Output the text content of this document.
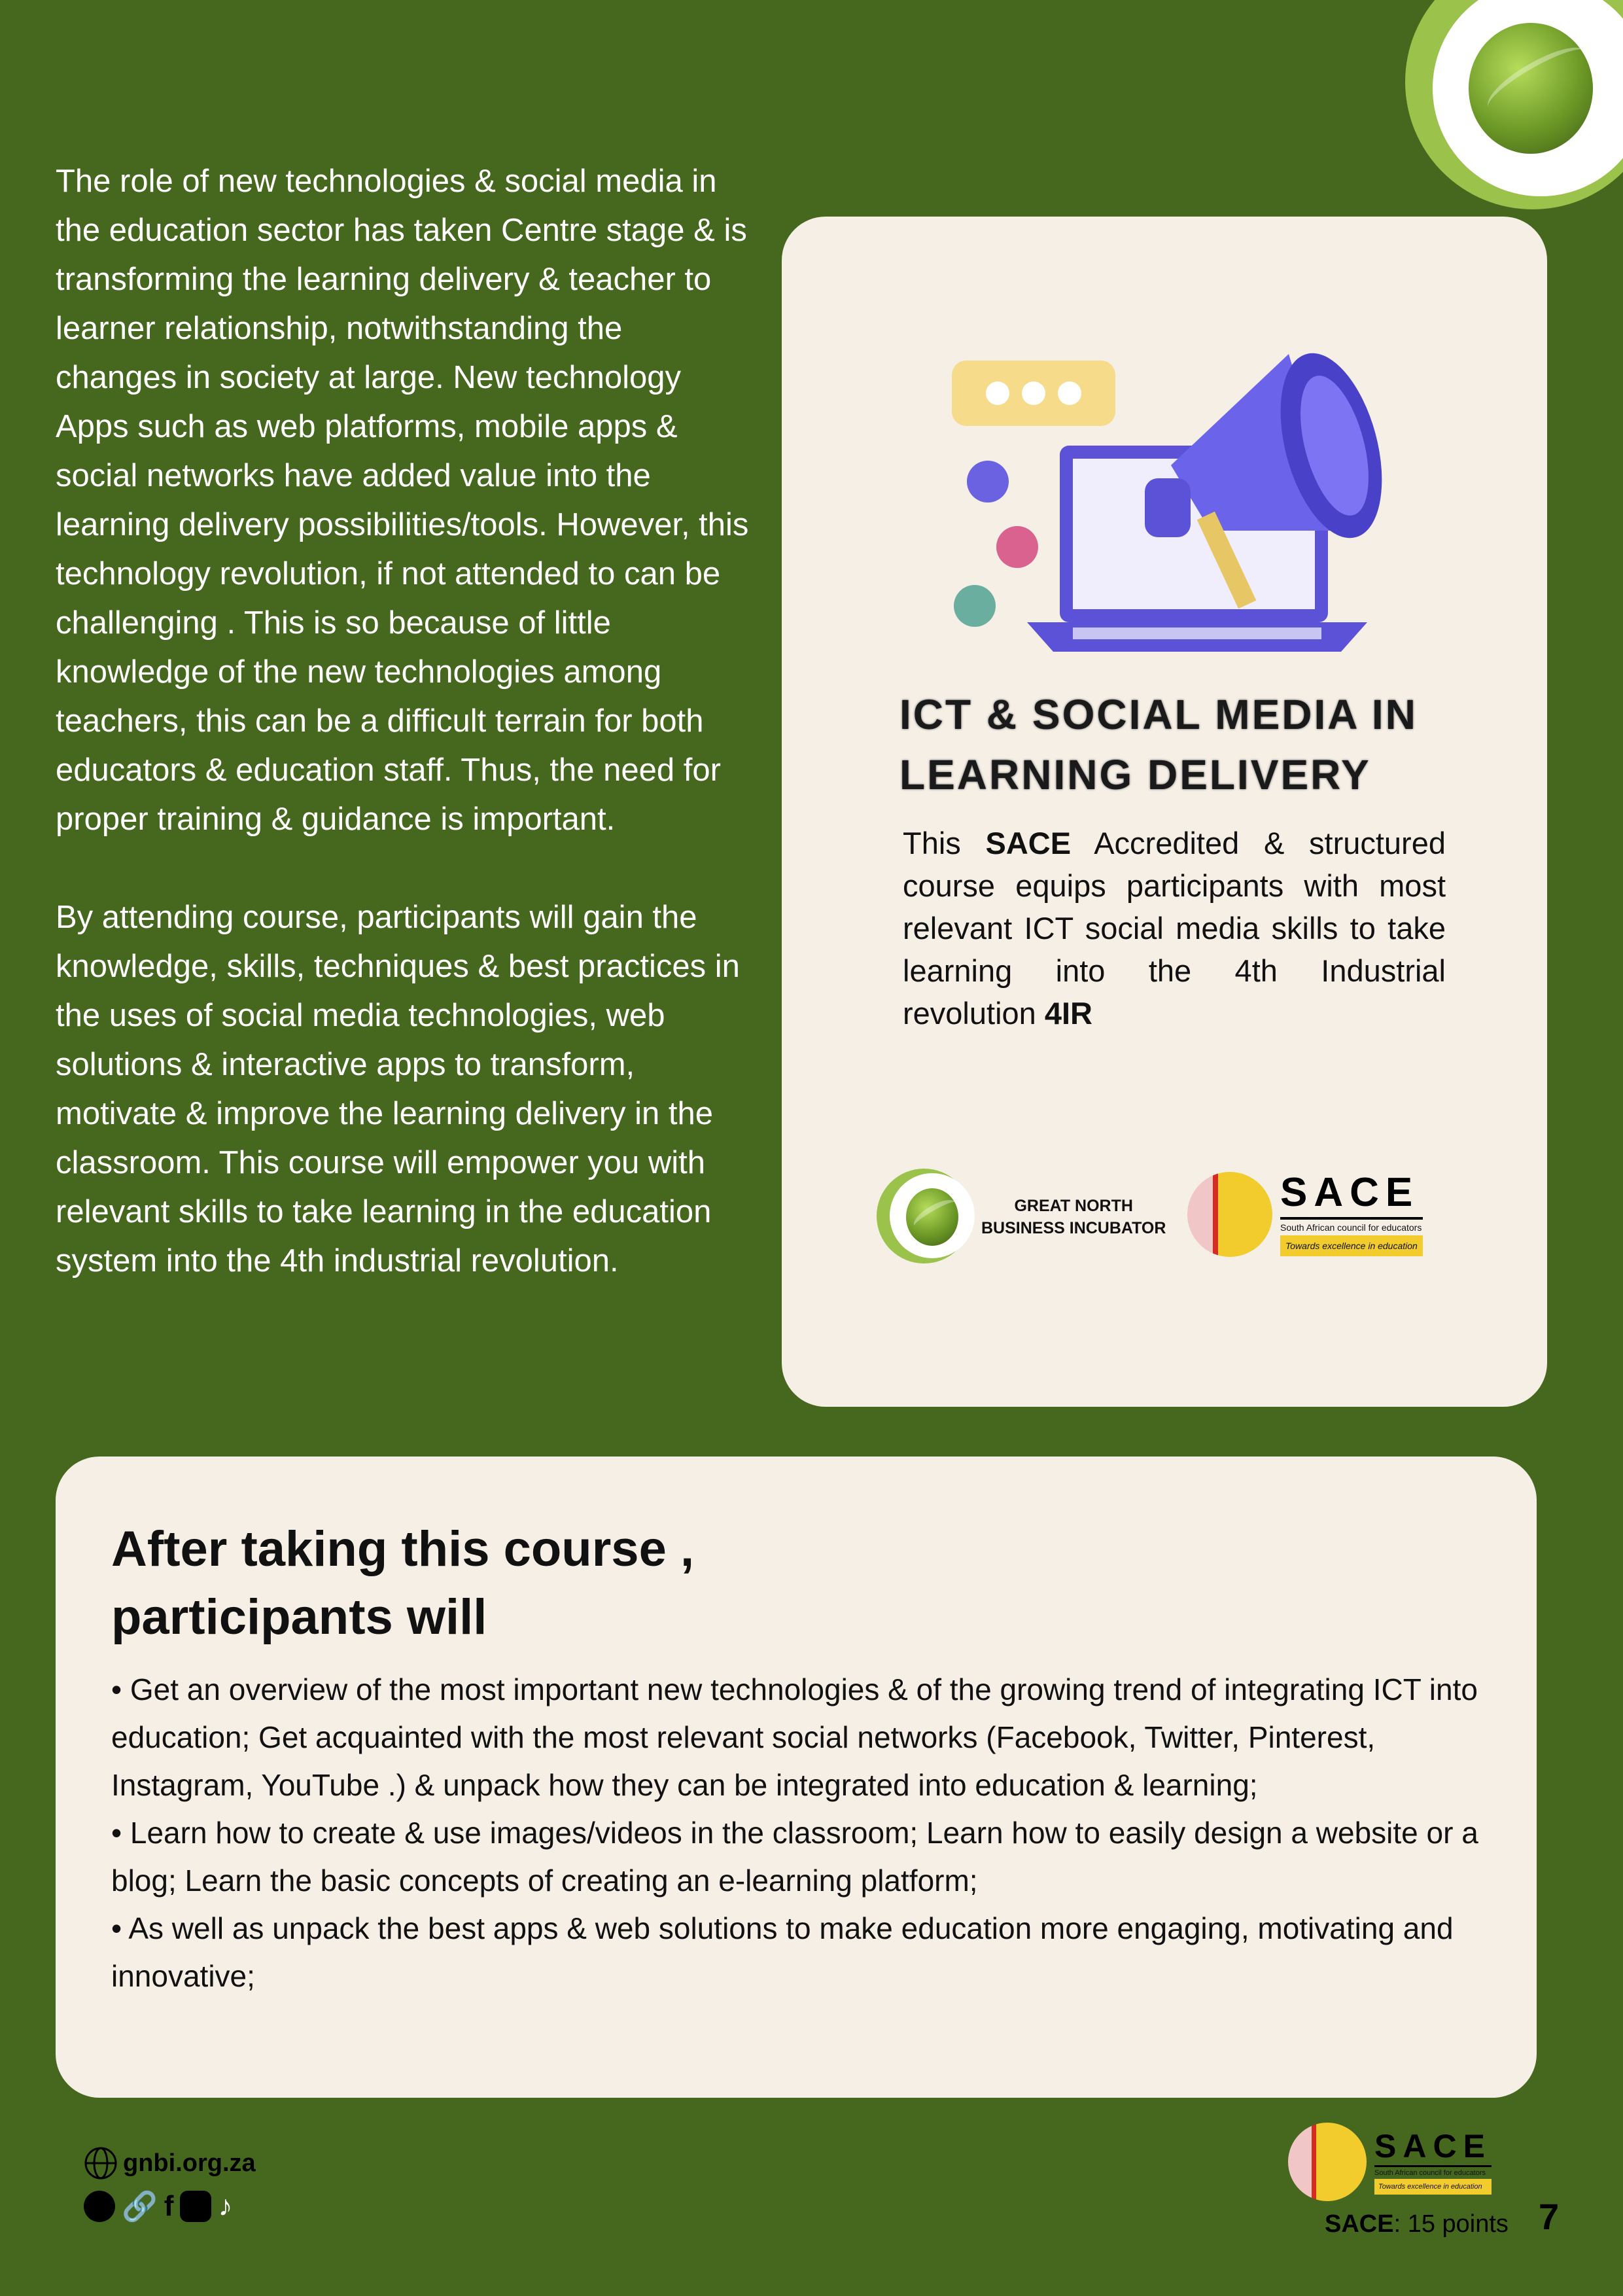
The role of new technologies & social media in the education sector has taken Centre stage & is transforming the learning delivery & teacher to learner relationship, notwithstanding the changes in society at large. New technology Apps such as web platforms, mobile apps & social networks have added value into the learning delivery possibilities/tools. However, this technology revolution, if not attended to can be challenging . This is so because of little knowledge of the new technologies among teachers, this can be a difficult terrain for both educators & education staff. Thus, the need for proper training & guidance is important.

By attending course, participants will gain the knowledge, skills, techniques & best practices in the uses of social media technologies, web solutions & interactive apps to transform, motivate & improve the learning delivery in the classroom. This course will empower you with relevant skills to take learning in the education system into the 4th industrial revolution.

ICT & SOCIAL MEDIA IN
LEARNING DELIVERY
This SACE Accredited & structured course equips participants with most relevant ICT social media skills to take learning into the 4th Industrial revolution 4IR
GREAT NORTH
BUSINESS INCUBATOR
SACE
South African council for educators
Towards excellence in education
After taking this course ,
participants will
• Get an overview of the most important new technologies & of the growing trend of integrating ICT into education; Get acquainted with the most relevant social networks (Facebook, Twitter, Pinterest, Instagram, YouTube .) & unpack how they can be integrated into education & learning;
• Learn how to create & use images/videos in the classroom; Learn how to easily design a website or a blog; Learn the basic concepts of creating an e-learning platform;
• As well as unpack the best apps & web solutions to make education more engaging, motivating and innovative;
gnbi.org.za
🔗 f ♪
SACE
South African council for educators
Towards excellence in education
SACE: 15 points 7
